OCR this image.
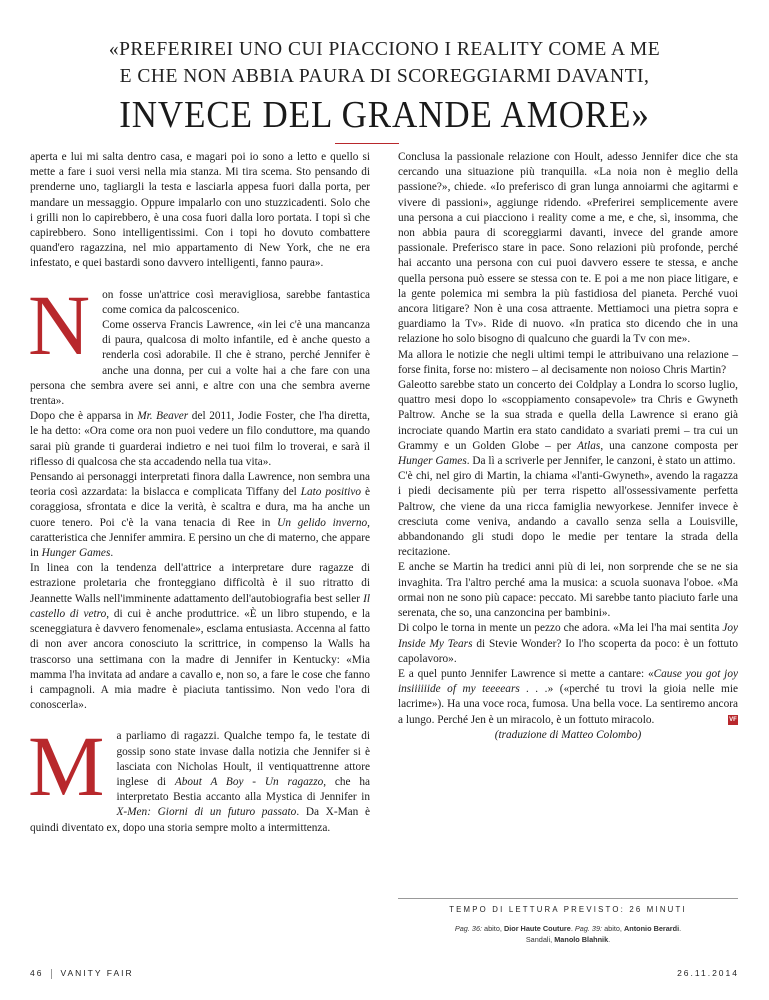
«PREFERIREI UNO CUI PIACCIONO I REALITY COME A ME
E CHE NON ABBIA PAURA DI SCOREGGIARMI DAVANTI,
INVECE DEL GRANDE AMORE»

aperta e lui mi salta dentro casa, e magari poi io sono a letto e quello si mette a fare i suoi versi nella mia stanza. Mi tira scema. Sto pensando di prenderne uno, tagliargli la testa e lasciarla appesa fuori dalla porta, per mandare un messaggio. Oppure impalarlo con uno stuzzicadenti. Solo che i grilli non lo capirebbero, è una cosa fuori dalla loro portata. I topi sì che capirebbero. Sono intelligentissimi. Con i topi ho dovuto combattere quand'ero ragazzina, nel mio appartamento di New York, che ne era infestato, e quei bastardi sono davvero intelligenti, fanno paura».

N	on fosse un'attrice così meravigliosa, sarebbe fantastica come comica da palcoscenico.

Come osserva Francis Lawrence, «in lei c'è una mancanza di paura, qualcosa di molto infantile, ed è anche questo a renderla così adorabile. Il che è strano, perché Jennifer è anche una donna, per cui a volte hai a che fare con una persona che sembra avere sei anni, e altre con una che sembra averne trenta».

Dopo che è apparsa in Mr. Beaver del 2011, Jodie Foster, che l'ha diretta, le ha detto: «Ora come ora non puoi vedere un filo conduttore, ma quando sarai più grande ti guarderai indietro e nei tuoi film lo troverai, e sarà il riflesso di qualcosa che sta accadendo nella tua vita».

Pensando ai personaggi interpretati finora dalla Lawrence, non sembra una teoria così azzardata: la bislacca e complicata Tiffany del Lato positivo è coraggiosa, sfrontata e dice la verità, è scaltra e dura, ma ha anche un cuore tenero. Poi c'è la vana tenacia di Ree in Un gelido inverno, caratteristica che Jennifer ammira. E persino un che di materno, che appare in Hunger Games.

In linea con la tendenza dell'attrice a interpretare dure ragazze di estrazione proletaria che fronteggiano difficoltà è il suo ritratto di Jeannette Walls nell'imminente adattamento dell'autobiografia best seller Il castello di vetro, di cui è anche produttrice. «È un libro stupendo, e la sceneggiatura è davvero fenomenale», esclama entusiasta. Accenna al fatto di non aver ancora conosciuto la scrittrice, in compenso la Walls ha trascorso una settimana con la madre di Jennifer in Kentucky: «Mia mamma l'ha invitata ad andare a cavallo e, non so, a fare le cose che fanno i campagnoli. A mia madre è piaciuta tantissimo. Non vedo l'ora di conoscerla».

M	a parliamo di ragazzi. Qualche tempo fa, le testate di gossip sono state invase dalla notizia che Jennifer si è lasciata con Nicholas Hoult, il ventiquattrenne attore inglese di About A Boy - Un ragazzo, che ha interpretato Bestia accanto alla Mystica di Jennifer in X-Men: Giorni di un futuro passato. Da X-Man è quindi diventato ex, dopo una storia sempre molto a intermittenza.

Conclusa la passionale relazione con Hoult, adesso Jennifer dice che sta cercando una situazione più tranquilla. «La noia non è meglio della passione?», chiede. «Io preferisco di gran lunga annoiarmi che agitarmi e vivere di passioni», aggiunge ridendo. «Preferirei semplicemente avere una persona a cui piacciono i reality come a me, e che, sì, insomma, che non abbia paura di scoreggiarmi davanti, invece del grande amore passionale. Preferisco stare in pace. Sono relazioni più profonde, perché hai accanto una persona con cui puoi davvero essere te stessa, e anche quella persona può essere se stessa con te. E poi a me non piace litigare, e la gente polemica mi sembra la più fastidiosa del pianeta. Perché vuoi ancora litigare? Non è una cosa attraente. Mettiamoci una pietra sopra e guardiamo la Tv». Ride di nuovo. «In pratica sto dicendo che in una relazione ho solo bisogno di qualcuno che guardi la Tv con me».

Ma allora le notizie che negli ultimi tempi le attribuivano una relazione – forse finita, forse no: mistero – al decisamente non noioso Chris Martin?

Galeotto sarebbe stato un concerto dei Coldplay a Londra lo scorso luglio, quattro mesi dopo lo «scoppiamento consapevole» tra Chris e Gwyneth Paltrow. Anche se la sua strada e quella della Lawrence si erano già incrociate quando Martin era stato candidato a svariati premi – tra cui un Grammy e un Golden Globe – per Atlas, una canzone composta per Hunger Games. Da lì a scriverle per Jennifer, le canzoni, è stato un attimo.

C'è chi, nel giro di Martin, la chiama «l'anti-Gwyneth», avendo la ragazza i piedi decisamente più per terra rispetto all'ossessivamente perfetta Paltrow, che viene da una ricca famiglia newyorkese. Jennifer invece è cresciuta come veniva, andando a cavallo senza sella a Louisville, abbandonando gli studi dopo le medie per tentare la strada della recitazione.

E anche se Martin ha tredici anni più di lei, non sorprende che se ne sia invaghita. Tra l'altro perché ama la musica: a scuola suonava l'oboe. «Ma ormai non ne sono più capace: peccato. Mi sarebbe tanto piaciuto farle una serenata, che so, una canzoncina per bambini».

Di colpo le torna in mente un pezzo che adora. «Ma lei l'ha mai sentita Joy Inside My Tears di Stevie Wonder? Io l'ho scoperta da poco: è un fottuto capolavoro».

E a quel punto Jennifer Lawrence si mette a cantare: «Cause you got joy insiiiiiide of my teeeears . . .» («perché tu trovi la gioia nelle mie lacrime»). Ha una voce roca, fumosa. Una bella voce. La sentiremo ancora a lungo. Perché Jen è un miracolo, è un fottuto miracolo.	VF

(traduzione di Matteo Colombo)

TEMPO DI LETTURA PREVISTO: 26 MINUTI
Pag. 36: abito, Dior Haute Couture. Pag. 39: abito, Antonio Berardi.
Sandali, Manolo Blahnik.
46 VANITY FAIR	26.11.2014
